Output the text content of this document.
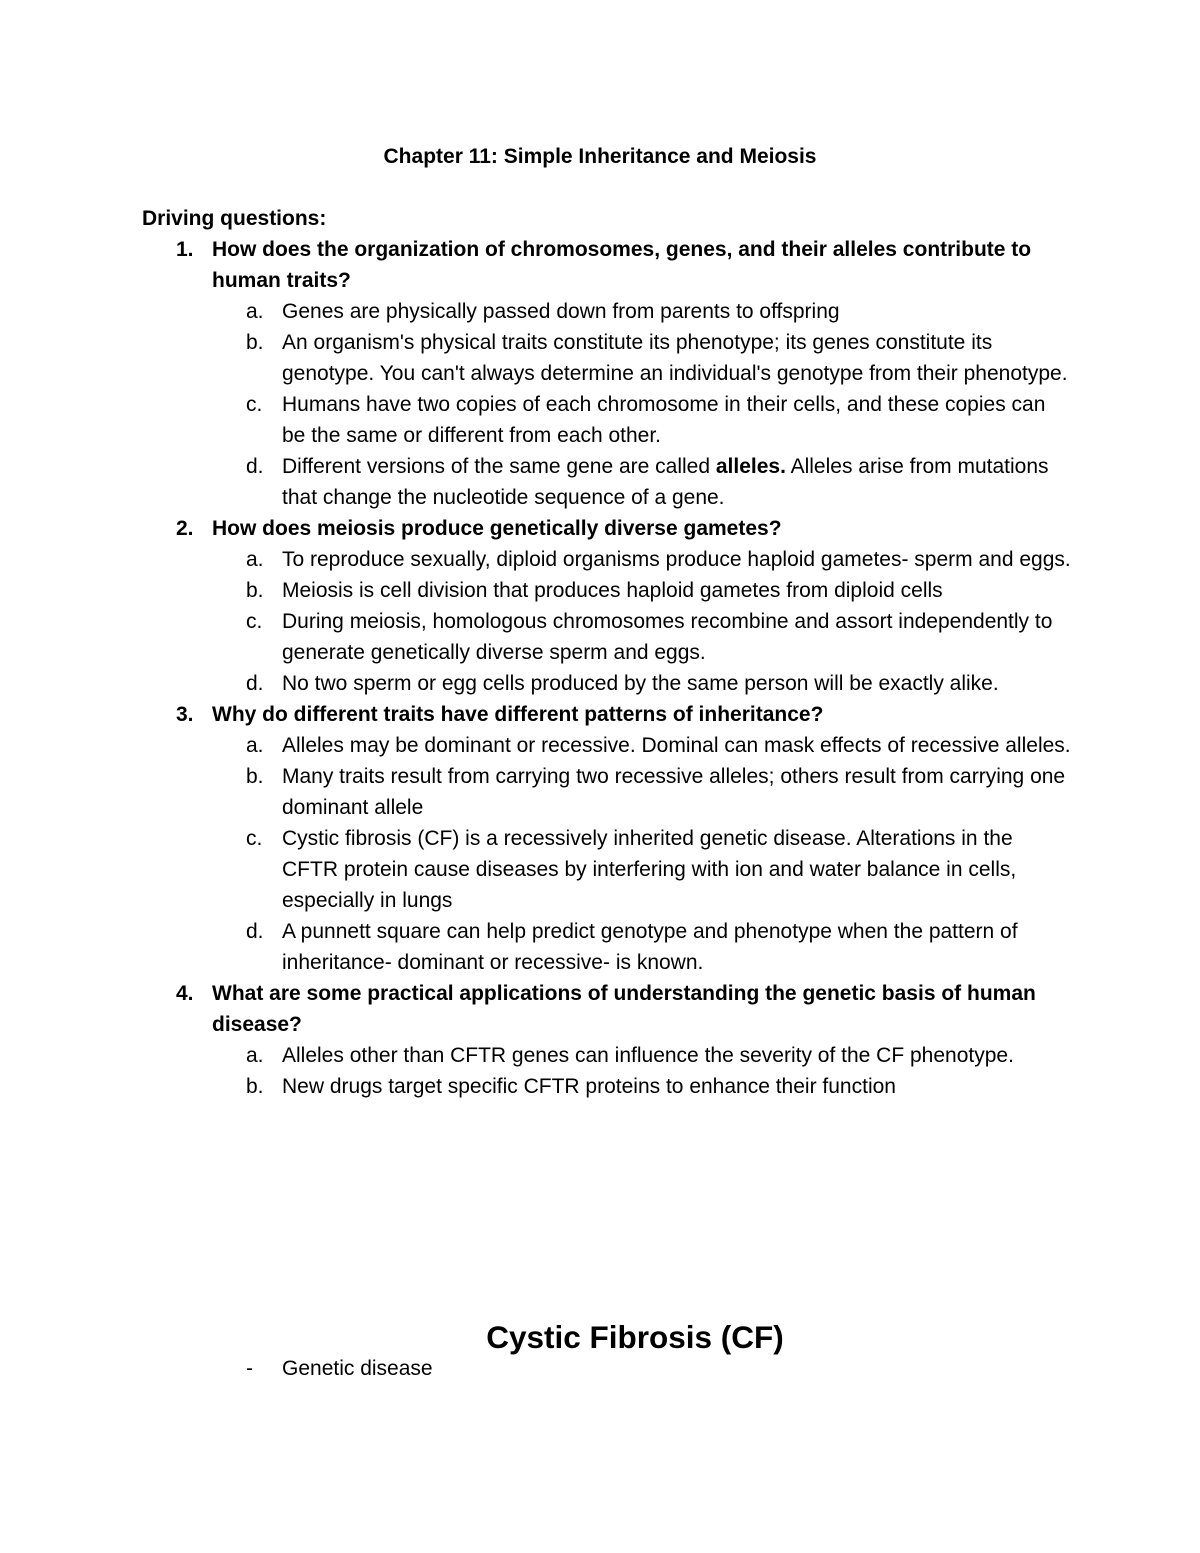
Chapter 11: Simple Inheritance and Meiosis

Driving questions:

1. How does the organization of chromosomes, genes, and their alleles contribute to human traits?
a. Genes are physically passed down from parents to offspring
b. An organism's physical traits constitute its phenotype; its genes constitute its genotype. You can't always determine an individual's genotype from their phenotype.
c. Humans have two copies of each chromosome in their cells, and these copies can be the same or different from each other.
d. Different versions of the same gene are called alleles. Alleles arise from mutations that change the nucleotide sequence of a gene.
2. How does meiosis produce genetically diverse gametes?
a. To reproduce sexually, diploid organisms produce haploid gametes- sperm and eggs.
b. Meiosis is cell division that produces haploid gametes from diploid cells
c. During meiosis, homologous chromosomes recombine and assort independently to generate genetically diverse sperm and eggs.
d. No two sperm or egg cells produced by the same person will be exactly alike.
3. Why do different traits have different patterns of inheritance?
a. Alleles may be dominant or recessive. Dominal can mask effects of recessive alleles.
b. Many traits result from carrying two recessive alleles; others result from carrying one dominant allele
c. Cystic fibrosis (CF) is a recessively inherited genetic disease. Alterations in the CFTR protein cause diseases by interfering with ion and water balance in cells, especially in lungs
d. A punnett square can help predict genotype and phenotype when the pattern of inheritance- dominant or recessive- is known.
4. What are some practical applications of understanding the genetic basis of human disease?
a. Alleles other than CFTR genes can influence the severity of the CF phenotype.
b. New drugs target specific CFTR proteins to enhance their function
Cystic Fibrosis (CF)
- Genetic disease
